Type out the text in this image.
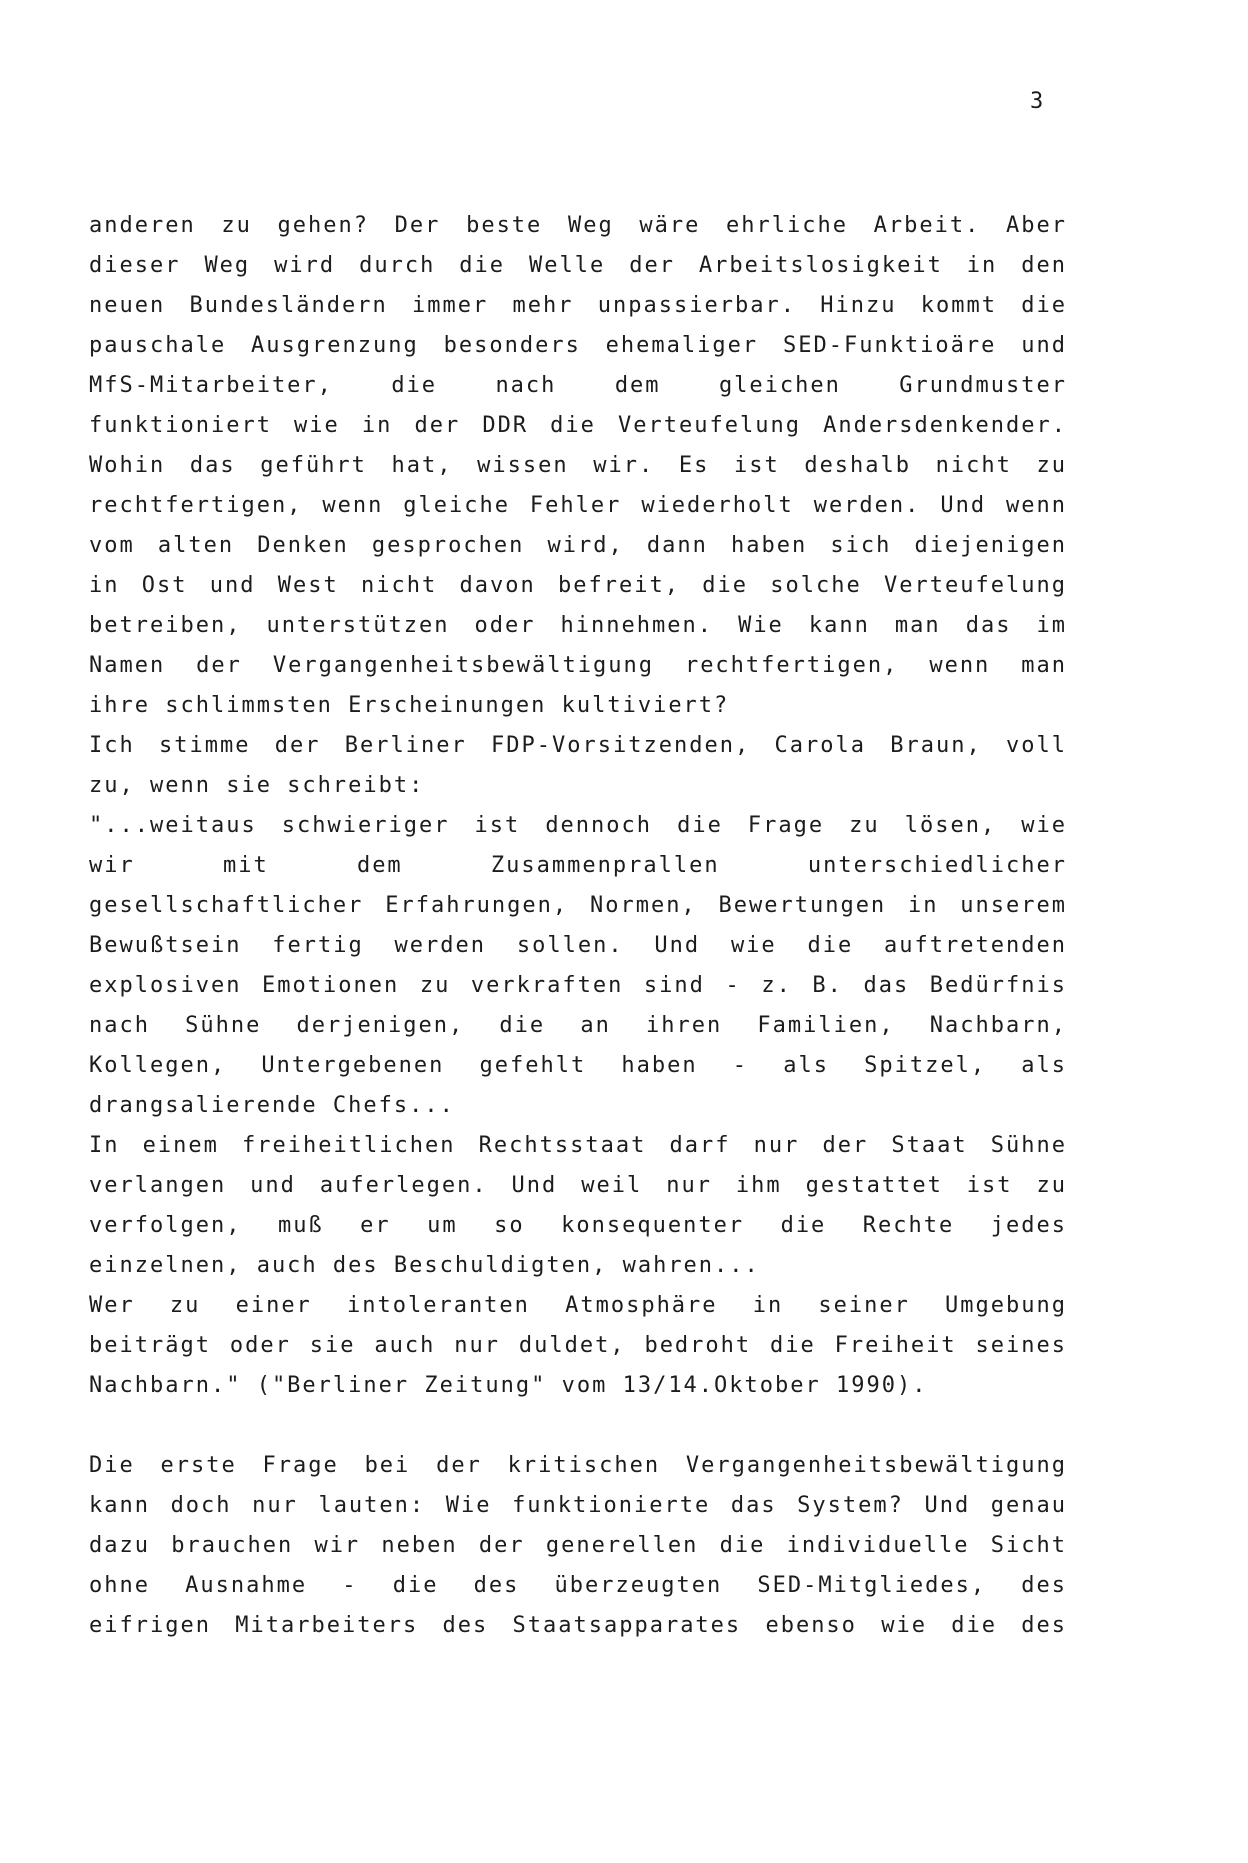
3
anderen zu gehen? Der beste Weg wäre ehrliche Arbeit. Aber
dieser Weg wird durch die Welle der Arbeitslosigkeit in den
neuen Bundesländern immer mehr unpassierbar. Hinzu kommt die
pauschale Ausgrenzung besonders ehemaliger SED-Funktioäre und
MfS-Mitarbeiter, die nach dem gleichen Grundmuster
funktioniert wie in der DDR die Verteufelung Andersdenkender.
Wohin das geführt hat, wissen wir. Es ist deshalb nicht zu
rechtfertigen, wenn gleiche Fehler wiederholt werden. Und wenn
vom alten Denken gesprochen wird, dann haben sich diejenigen
in Ost und West nicht davon befreit, die solche Verteufelung
betreiben, unterstützen oder hinnehmen. Wie kann man das im
Namen der Vergangenheitsbewältigung rechtfertigen, wenn man
ihre schlimmsten Erscheinungen kultiviert?
Ich stimme der Berliner FDP-Vorsitzenden, Carola Braun, voll
zu, wenn sie schreibt:
"...weitaus schwieriger ist dennoch die Frage zu lösen, wie
wir mit dem Zusammenprallen unterschiedlicher
gesellschaftlicher Erfahrungen, Normen, Bewertungen in unserem
Bewußtsein fertig werden sollen. Und wie die auftretenden
explosiven Emotionen zu verkraften sind - z. B. das Bedürfnis
nach Sühne derjenigen, die an ihren Familien, Nachbarn,
Kollegen, Untergebenen gefehlt haben - als Spitzel, als
drangsalierende Chefs...
In einem freiheitlichen Rechtsstaat darf nur der Staat Sühne
verlangen und auferlegen. Und weil nur ihm gestattet ist zu
verfolgen, muß er um so konsequenter die Rechte jedes
einzelnen, auch des Beschuldigten, wahren...
Wer zu einer intoleranten Atmosphäre in seiner Umgebung
beiträgt oder sie auch nur duldet, bedroht die Freiheit seines
Nachbarn." ("Berliner Zeitung" vom 13/14.Oktober 1990).
Die erste Frage bei der kritischen Vergangenheitsbewältigung
kann doch nur lauten: Wie funktionierte das System? Und genau
dazu brauchen wir neben der generellen die individuelle Sicht
ohne Ausnahme - die des überzeugten SED-Mitgliedes, des
eifrigen Mitarbeiters des Staatsapparates ebenso wie die des
